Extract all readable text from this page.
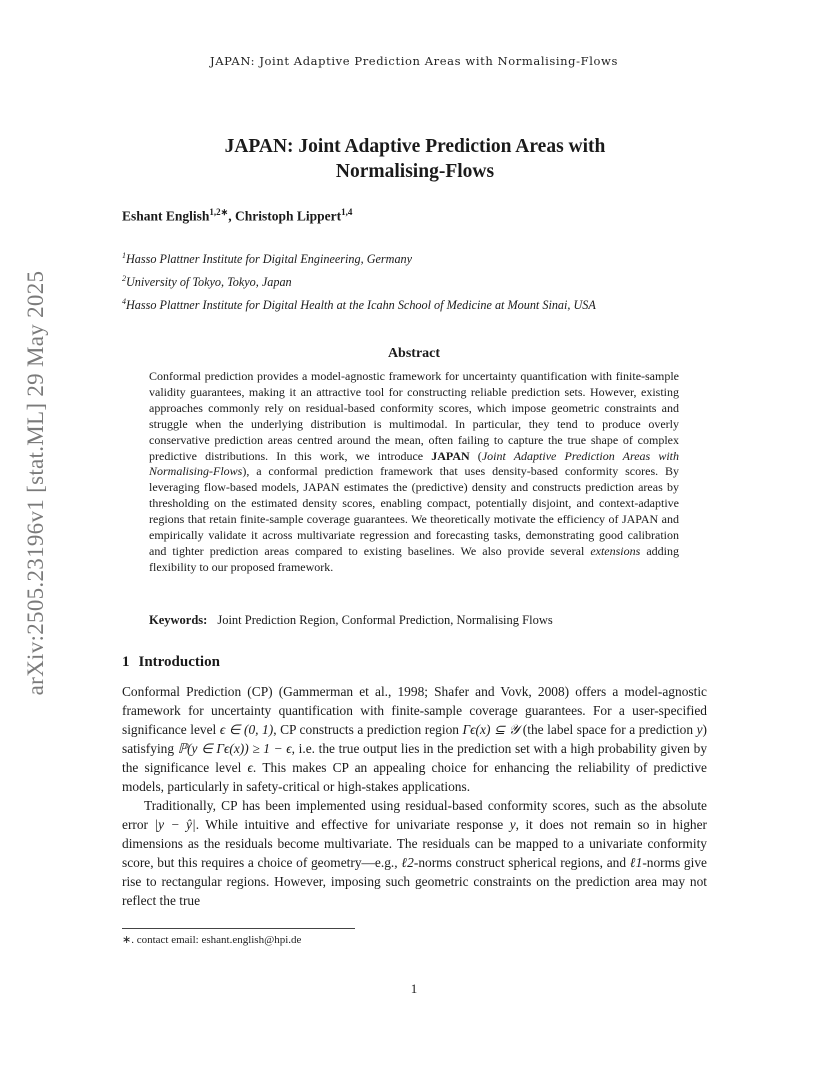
JAPAN: Joint Adaptive Prediction Areas with Normalising-Flows
arXiv:2505.23196v1 [stat.ML] 29 May 2025
JAPAN: Joint Adaptive Prediction Areas with
Normalising-Flows
Eshant English$^{1,2∗}$, Christoph Lippert$^{1,4}$
$^1$Hasso Plattner Institute for Digital Engineering, Germany
$^2$University of Tokyo, Tokyo, Japan
$^4$Hasso Plattner Institute for Digital Health at the Icahn School of Medicine at Mount Sinai, USA
Abstract

Conformal prediction provides a model-agnostic framework for uncertainty quantification with finite-sample validity guarantees, making it an attractive tool for constructing reliable prediction sets. However, existing approaches commonly rely on residual-based conformity scores, which impose geometric constraints and struggle when the underlying distribution is multimodal. In particular, they tend to produce overly conservative prediction areas centred around the mean, often failing to capture the true shape of complex predictive distributions. In this work, we introduce JAPAN (Joint Adaptive Prediction Areas with Normalising-Flows), a conformal prediction framework that uses density-based conformity scores. By leveraging flow-based models, JAPAN estimates the (predictive) density and constructs prediction areas by thresholding on the estimated density scores, enabling compact, potentially disjoint, and context-adaptive regions that retain finite-sample coverage guarantees. We theoretically motivate the efficiency of JAPAN and empirically validate it across multivariate regression and forecasting tasks, demonstrating good calibration and tighter prediction areas compared to existing baselines. We also provide several extensions adding flexibility to our proposed framework.

Keywords: Joint Prediction Region, Conformal Prediction, Normalising Flows
1 Introduction

Conformal Prediction (CP) (Gammerman et al., 1998; Shafer and Vovk, 2008) offers a model-agnostic framework for uncertainty quantification with finite-sample coverage guarantees. For a user-specified significance level ϵ ∈ (0, 1), CP constructs a prediction region Γϵ(x) ⊆ 𝒴 (the label space for a prediction y) satisfying ℙ(y ∈ Γϵ(x)) ≥ 1 − ϵ, i.e. the true output lies in the prediction set with a high probability given by the significance level ϵ. This makes CP an appealing choice for enhancing the reliability of predictive models, particularly in safety-critical or high-stakes applications.

Traditionally, CP has been implemented using residual-based conformity scores, such as the absolute error |y − ŷ|. While intuitive and effective for univariate response y, it does not remain so in higher dimensions as the residuals become multivariate. The residuals can be mapped to a univariate conformity score, but this requires a choice of geometry—e.g., ℓ2-norms construct spherical regions, and ℓ1-norms give rise to rectangular regions. However, imposing such geometric constraints on the prediction area may not reflect the true

∗. contact email: eshant.english@hpi.de
1
